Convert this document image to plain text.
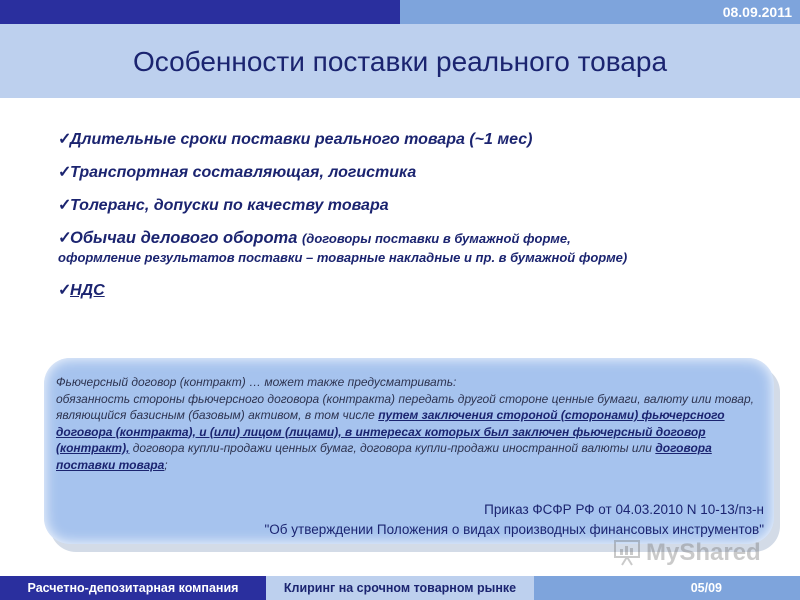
08.09.2011
Особенности поставки реального товара
✓Длительные сроки поставки реального товара (~1 мес)
✓Транспортная составляющая, логистика
✓Толеранс, допуски по качеству товара
✓Обычаи делового оборота (договоры поставки в бумажной форме,
оформление результатов поставки – товарные накладные и пр. в бумажной форме)
✓НДС
Фьючерсный договор (контракт) … может также предусматривать:
обязанность стороны фьючерсного договора (контракта) передать другой стороне ценные бумаги, валюту или товар, являющийся базисным (базовым) активом, в том числе путем заключения стороной (сторонами) фьючерсного договора (контракта), и (или) лицом (лицами), в интересах которых был заключен фьючерсный договор (контракт), договора купли-продажи ценных бумаг, договора купли-продажи иностранной валюты или договора поставки товара;
Приказ ФСФР РФ от 04.03.2010 N 10-13/пз-н
"Об утверждении Положения о видах производных финансовых инструментов"
MyShared
Расчетно-депозитарная компания	Клиринг на срочном товарном рынке	05/09
